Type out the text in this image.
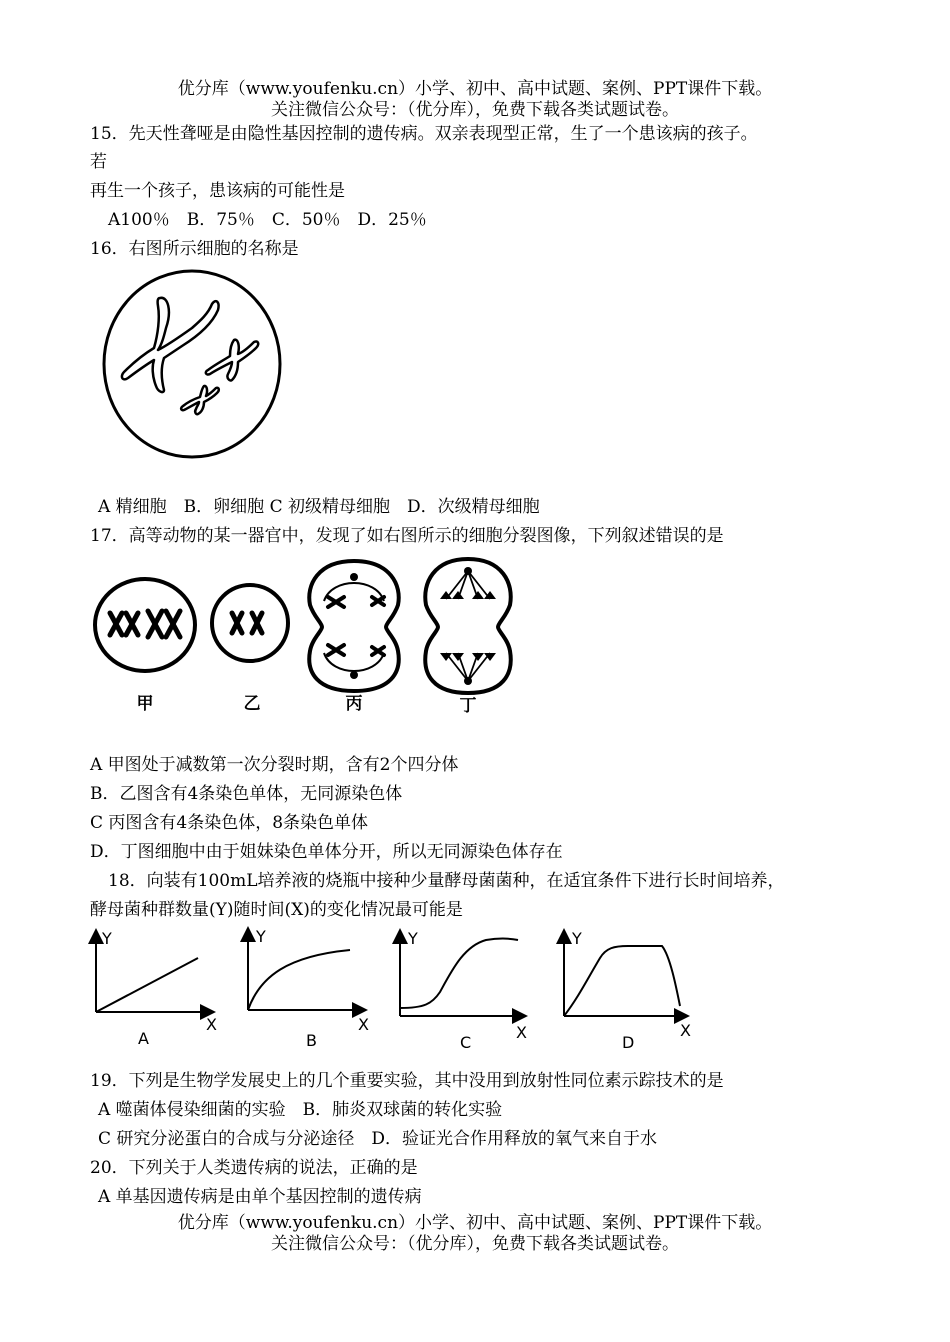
优分库（www.youfenku.cn）小学、初中、高中试题、案例、PPT课件下载。
关注微信公众号：（优分库），免费下载各类试题试卷。
15．先天性聋哑是由隐性基因控制的遗传病。双亲表现型正常，生了一个患该病的孩子。
若
再生一个孩子，患该病的可能性是
A100％　B．75％　C．50％　D．25％
16．右图所示细胞的名称是
A 精细胞　B．卵细胞 C 初级精母细胞　D．次级精母细胞
17．高等动物的某一器官中，发现了如右图所示的细胞分裂图像，下列叙述错误的是
甲	乙	丙	丁
A 甲图处于减数第一次分裂时期，含有2个四分体
B．乙图含有4条染色单体，无同源染色体
C 丙图含有4条染色体，8条染色单体
D．丁图细胞中由于姐妹染色单体分开，所以无同源染色体存在
18．向装有100mL培养液的烧瓶中接种少量酵母菌菌种，在适宜条件下进行长时间培养，
酵母菌种群数量(Y)随时间(X)的变化情况最可能是
Y
X
A
Y
X
B
Y
X
C
Y
X
D
19．下列是生物学发展史上的几个重要实验，其中没用到放射性同位素示踪技术的是
A 噬菌体侵染细菌的实验　B．肺炎双球菌的转化实验
C 研究分泌蛋白的合成与分泌途径　D．验证光合作用释放的氧气来自于水
20．下列关于人类遗传病的说法，正确的是
A 单基因遗传病是由单个基因控制的遗传病
优分库（www.youfenku.cn）小学、初中、高中试题、案例、PPT课件下载。
关注微信公众号：（优分库），免费下载各类试题试卷。
